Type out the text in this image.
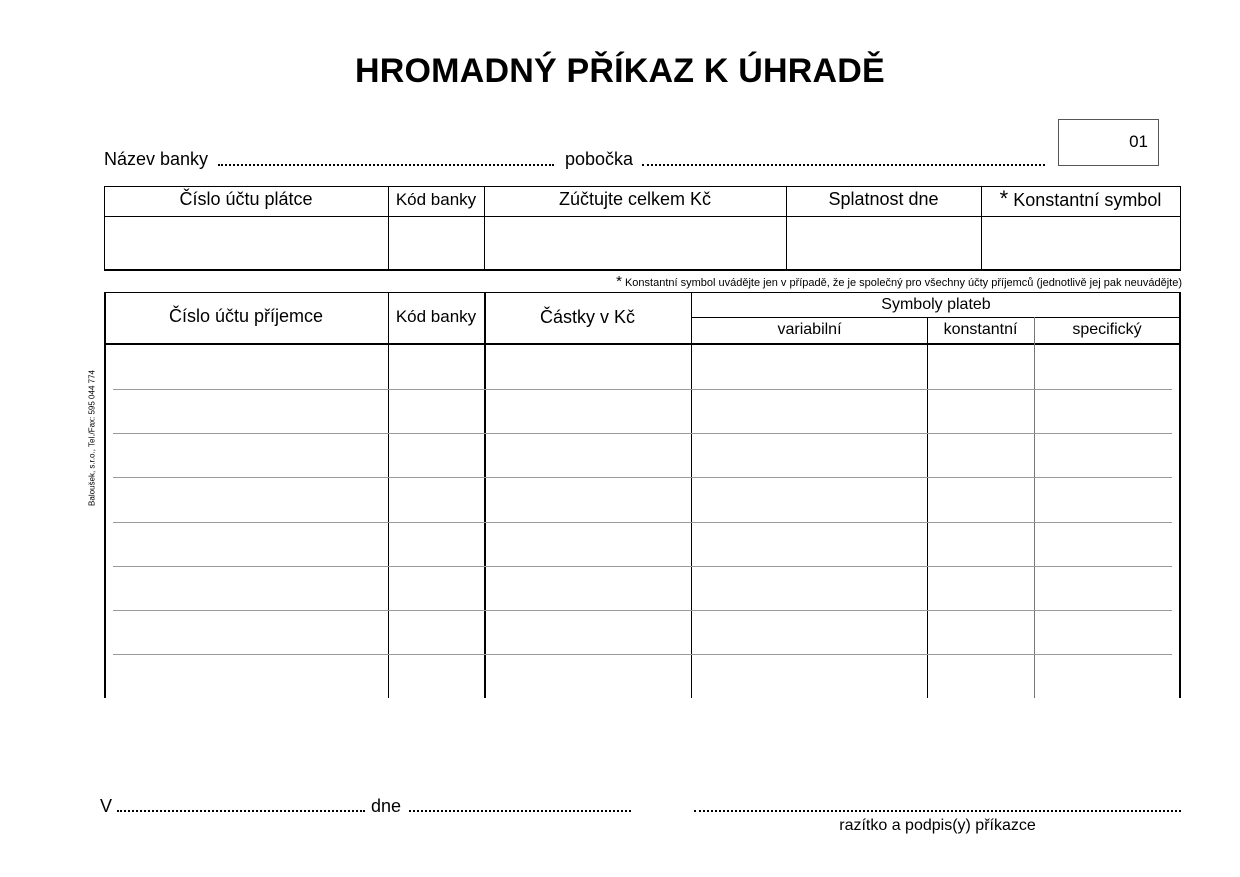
HROMADNÝ PŘÍKAZ K ÚHRADĚ
Název banky	pobočka
01
Číslo účtu plátce	Kód banky	Zúčtujte celkem Kč	Splatnost dne	* Konstantní symbol
* Konstantní symbol uvádějte jen v případě, že je společný pro všechny účty příjemců (jednotlivě jej pak neuvádějte)
Baloušek, s.r.o., Tel./Fax: 595 044 774
Číslo účtu příjemce	Kód banky	Částky v Kč
Symboly plateb
variabilní	konstantní	specifický
V	dne
razítko a podpis(y) příkazce
